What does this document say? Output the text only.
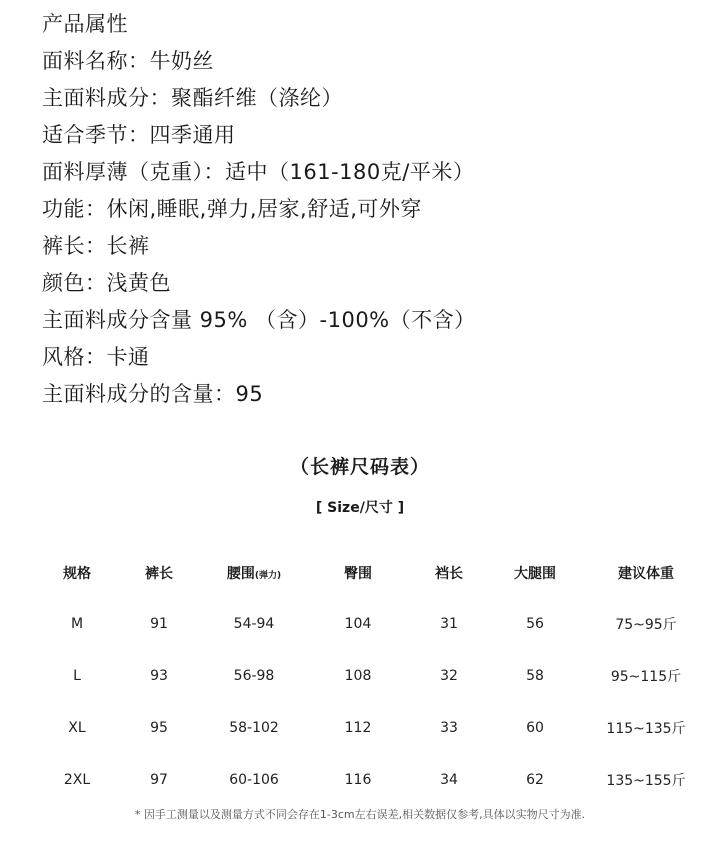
产品属性
面料名称：牛奶丝
主面料成分：聚酯纤维（涤纶）
适合季节：四季通用
面料厚薄（克重）：适中（161-180克/平米）
功能：休闲,睡眠,弹力,居家,舒适,可外穿
裤长：长裤
颜色：浅黄色
主面料成分含量 95% （含）-100%（不含）
风格：卡通
主面料成分的含量：95
（长裤尺码表）
[ Size/尺寸 ]
规格	裤长	腰围(弹力)	臀围	裆长	大腿围	建议体重
M	91	54-94	104	31	56	75~95斤
L	93	56-98	108	32	58	95~115斤
XL	95	58-102	112	33	60	115~135斤
2XL	97	60-106	116	34	62	135~155斤
* 因手工测量以及测量方式不同会存在1-3cm左右误差,相关数据仅参考,具体以实物尺寸为准.
